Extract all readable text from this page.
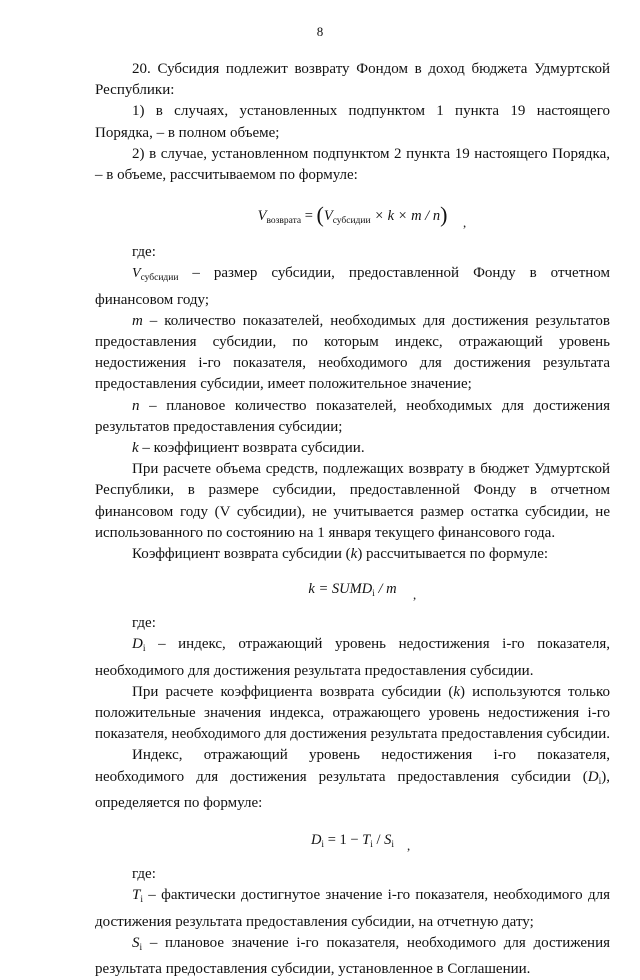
8

20. Субсидия подлежит возврату Фондом в доход бюджета Удмуртской Республики:

1) в случаях, установленных подпунктом 1 пункта 19 настоящего Порядка, – в полном объеме;

2) в случае, установленном подпунктом 2 пункта 19 настоящего Порядка, – в объеме, рассчитываемом по формуле:

$V_{возврата} = (V_{субсидии} \times k \times m / n)$ ,

где:

$V_{субсидии}$ – размер субсидии, предоставленной Фонду в отчетном финансовом году;

m – количество показателей, необходимых для достижения результатов предоставления субсидии, по которым индекс, отражающий уровень недостижения i-го показателя, необходимого для достижения результата предоставления субсидии, имеет положительное значение;

n – плановое количество показателей, необходимых для достижения результатов предоставления субсидии;

k – коэффициент возврата субсидии.

При расчете объема средств, подлежащих возврату в бюджет Удмуртской Республики, в размере субсидии, предоставленной Фонду в отчетном финансовом году (V субсидии), не учитывается размер остатка субсидии, не использованного по состоянию на 1 января текущего финансового года.

Коэффициент возврата субсидии (k) рассчитывается по формуле:

$k = SUMD_i / m$ ,

где:

$D_i$ – индекс, отражающий уровень недостижения i-го показателя, необходимого для достижения результата предоставления субсидии.

При расчете коэффициента возврата субсидии (k) используются только положительные значения индекса, отражающего уровень недостижения i-го показателя, необходимого для достижения результата предоставления субсидии.

Индекс, отражающий уровень недостижения i-го показателя, необходимого для достижения результата предоставления субсидии $(D_i)$, определяется по формуле:

$D_i = 1 - T_i / S_i$ ,

где:

$T_i$ – фактически достигнутое значение i-го показателя, необходимого для достижения результата предоставления субсидии, на отчетную дату;

$S_i$ – плановое значение i-го показателя, необходимого для достижения результата предоставления субсидии, установленное в Соглашении.
